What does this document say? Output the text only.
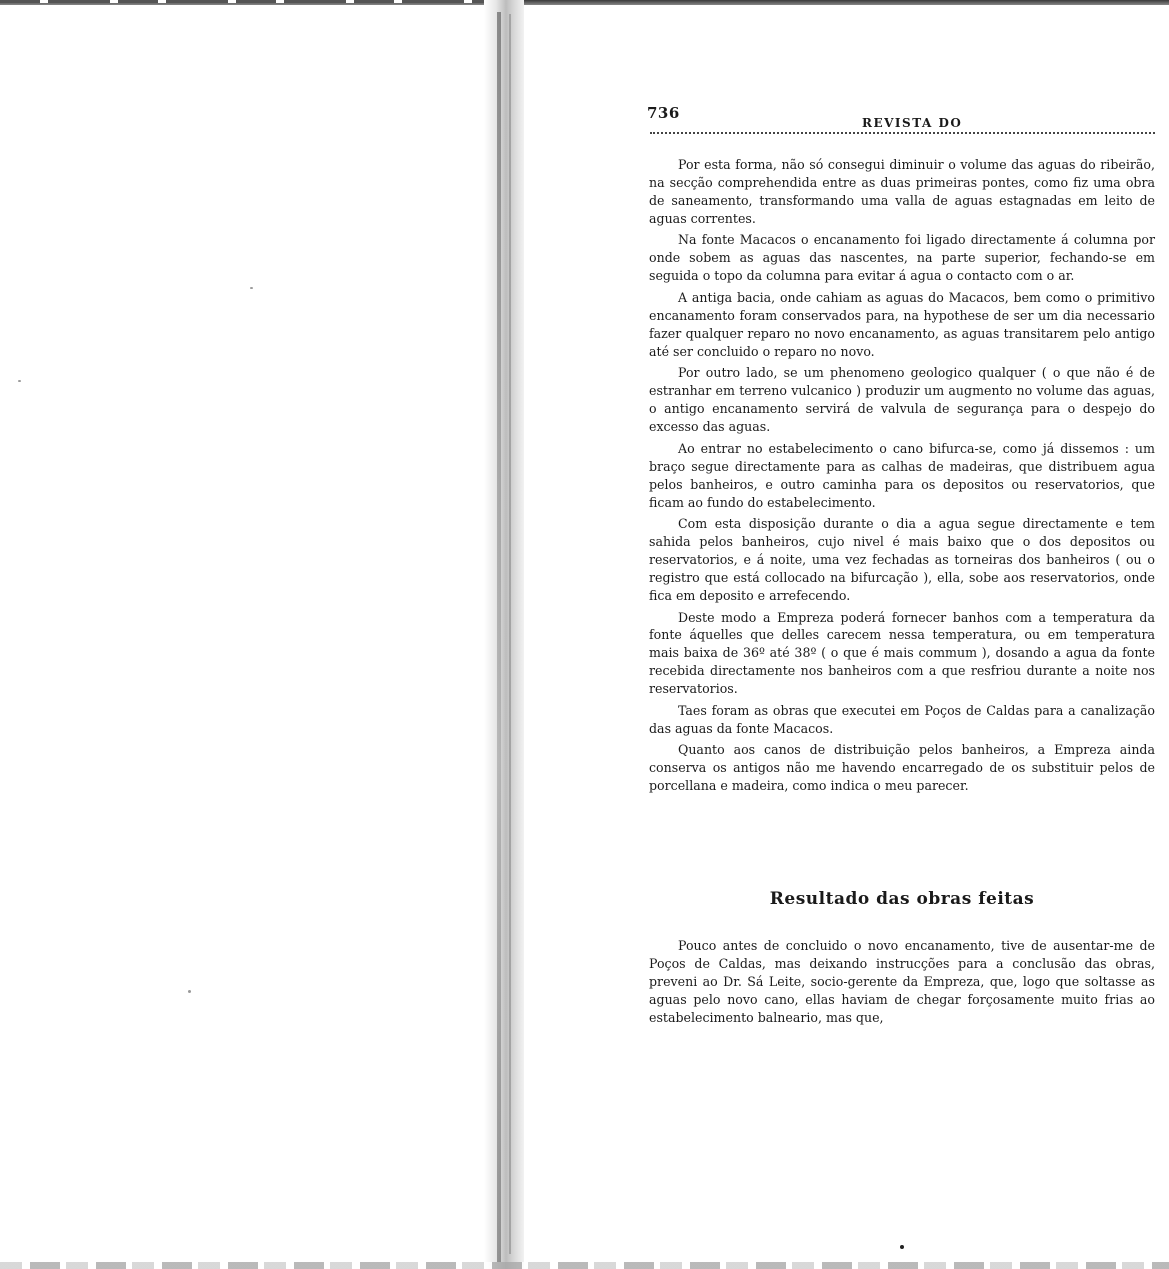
736
REVISTA DO

Por esta forma, não só consegui diminuir o volume das aguas do ribeirão, na secção comprehendida entre as duas primeiras pontes, como fiz uma obra de saneamento, transformando uma valla de aguas estagnadas em leito de aguas correntes.

Na fonte Macacos o encanamento foi ligado directamente á columna por onde sobem as aguas das nascentes, na parte superior, fechando-se em seguida o topo da columna para evitar á agua o contacto com o ar.

A antiga bacia, onde cahiam as aguas do Macacos, bem como o primitivo encanamento foram conservados para, na hypothese de ser um dia necessario fazer qualquer reparo no novo encanamento, as aguas transitarem pelo antigo até ser concluido o reparo no novo.

Por outro lado, se um phenomeno geologico qualquer ( o que não é de estranhar em terreno vulcanico ) produzir um augmento no volume das aguas, o antigo encanamento servirá de valvula de segurança para o despejo do excesso das aguas.

Ao entrar no estabelecimento o cano bifurca-se, como já dissemos : um braço segue directamente para as calhas de madeiras, que distribuem agua pelos banheiros, e outro caminha para os depositos ou reservatorios, que ficam ao fundo do estabelecimento.

Com esta disposição durante o dia a agua segue directamente e tem sahida pelos banheiros, cujo nivel é mais baixo que o dos depositos ou reservatorios, e á noite, uma vez fechadas as torneiras dos banheiros ( ou o registro que está collocado na bifurcação ), ella, sobe aos reservatorios, onde fica em deposito e arrefecendo.

Deste modo a Empreza poderá fornecer banhos com a temperatura da fonte áquelles que delles carecem nessa temperatura, ou em temperatura mais baixa de 36º até 38º ( o que é mais commum ), dosando a agua da fonte recebida directamente nos banheiros com a que resfriou durante a noite nos reservatorios.

Taes foram as obras que executei em Poços de Caldas para a canalização das aguas da fonte Macacos.

Quanto aos canos de distribuição pelos banheiros, a Empreza ainda conserva os antigos não me havendo encarregado de os substituir pelos de porcellana e madeira, como indica o meu parecer.

Resultado das obras feitas

Pouco antes de concluido o novo encanamento, tive de ausentar-me de Poços de Caldas, mas deixando instrucções para a conclusão das obras, preveni ao Dr. Sá Leite, socio-gerente da Empreza, que, logo que soltasse as aguas pelo novo cano, ellas haviam de chegar forçosamente muito frias ao estabelecimento balneario, mas que,
